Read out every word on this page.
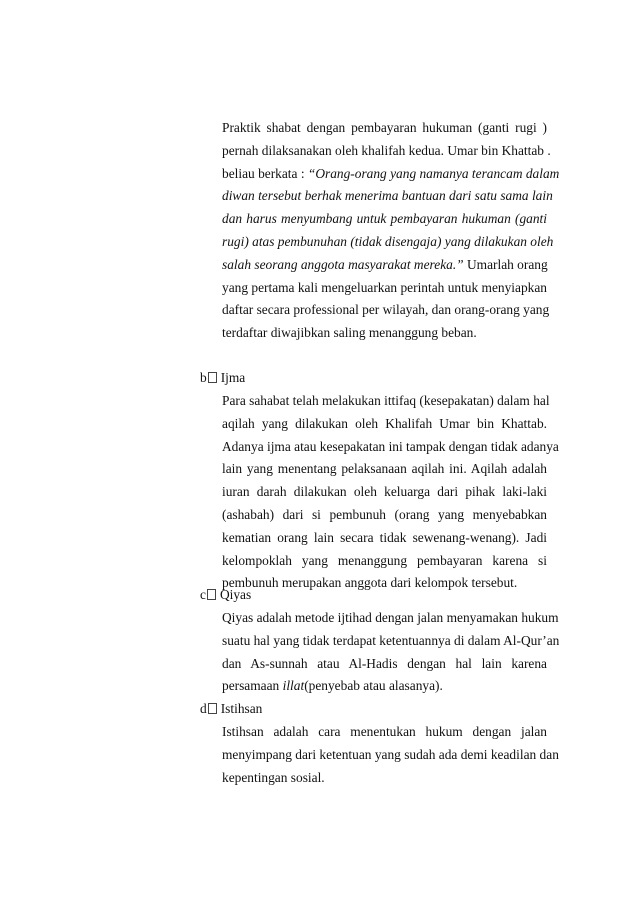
Praktik shabat dengan pembayaran hukuman (ganti rugi )
pernah dilaksanakan oleh khalifah kedua. Umar bin Khattab .
beliau berkata : “Orang-orang yang namanya terancam dalam
diwan tersebut berhak menerima bantuan dari satu sama lain
dan harus menyumbang untuk pembayaran hukuman (ganti
rugi) atas pembunuhan (tidak disengaja) yang dilakukan oleh
salah seorang anggota masyarakat mereka.” Umarlah orang
yang pertama kali mengeluarkan perintah untuk menyiapkan
daftar secara professional per wilayah, dan orang-orang yang
terdaftar diwajibkan saling menanggung beban.
b Ijma
Para sahabat telah melakukan ittifaq (kesepakatan) dalam hal
aqilah yang dilakukan oleh Khalifah Umar bin Khattab.
Adanya ijma atau kesepakatan ini tampak dengan tidak adanya
lain yang menentang pelaksanaan aqilah ini. Aqilah adalah
iuran darah dilakukan oleh keluarga dari pihak laki-laki
(ashabah) dari si pembunuh (orang yang menyebabkan
kematian orang lain secara tidak sewenang-wenang). Jadi
kelompoklah yang menanggung pembayaran karena si
pembunuh merupakan anggota dari kelompok tersebut.
c Qiyas
Qiyas adalah metode ijtihad dengan jalan menyamakan hukum
suatu hal yang tidak terdapat ketentuannya di dalam Al-Qur’an
dan As-sunnah atau Al-Hadis dengan hal lain karena
persamaan illat(penyebab atau alasanya).
d Istihsan
Istihsan adalah cara menentukan hukum dengan jalan
menyimpang dari ketentuan yang sudah ada demi keadilan dan
kepentingan sosial.
